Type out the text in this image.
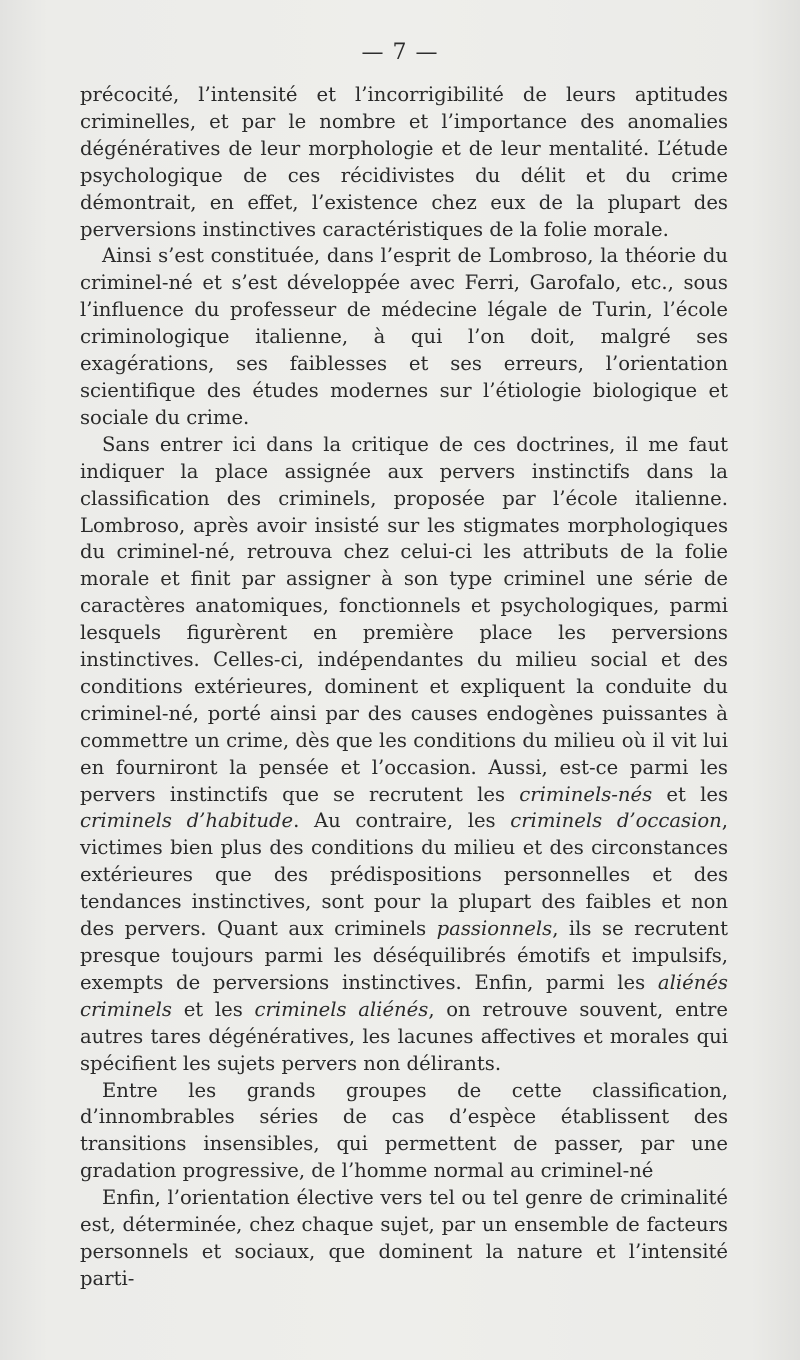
— 7 —

précocité, l’intensité et l’incorrigibilité de leurs aptitudes criminelles, et par le nombre et l’importance des anomalies dégénératives de leur morphologie et de leur mentalité. L’étude psychologique de ces récidivistes du délit et du crime démontrait, en effet, l’existence chez eux de la plupart des perversions instinctives caractéristiques de la folie morale.

Ainsi s’est constituée, dans l’esprit de Lombroso, la théorie du criminel-né et s’est développée avec Ferri, Garofalo, etc., sous l’influence du professeur de médecine légale de Turin, l’école criminologique italienne, à qui l’on doit, malgré ses exagérations, ses faiblesses et ses erreurs, l’orientation scientifique des études modernes sur l’étiologie biologique et sociale du crime.

Sans entrer ici dans la critique de ces doctrines, il me faut indiquer la place assignée aux pervers instinctifs dans la classification des criminels, proposée par l’école italienne. Lombroso, après avoir insisté sur les stigmates morphologiques du criminel-né, retrouva chez celui-ci les attributs de la folie morale et finit par assigner à son type criminel une série de caractères anatomiques, fonctionnels et psychologiques, parmi lesquels figurèrent en première place les perversions instinctives. Celles-ci, indépendantes du milieu social et des conditions extérieures, dominent et expliquent la conduite du criminel-né, porté ainsi par des causes endogènes puissantes à commettre un crime, dès que les conditions du milieu où il vit lui en fourniront la pensée et l’occasion. Aussi, est-ce parmi les pervers instinctifs que se recrutent les criminels-nés et les criminels d’habitude. Au contraire, les criminels d’occasion, victimes bien plus des conditions du milieu et des circonstances extérieures que des prédispositions personnelles et des tendances instinctives, sont pour la plupart des faibles et non des pervers. Quant aux criminels passionnels, ils se recrutent presque toujours parmi les déséquilibrés émotifs et impulsifs, exempts de perversions instinctives. Enfin, parmi les aliénés criminels et les criminels aliénés, on retrouve souvent, entre autres tares dégénératives, les lacunes affectives et morales qui spécifient les sujets pervers non délirants.

Entre les grands groupes de cette classification, d’innombrables séries de cas d’espèce établissent des transitions insensibles, qui permettent de passer, par une gradation progressive, de l’homme normal au criminel-né

Enfin, l’orientation élective vers tel ou tel genre de criminalité est, déterminée, chez chaque sujet, par un ensemble de facteurs personnels et sociaux, que dominent la nature et l’intensité parti-
